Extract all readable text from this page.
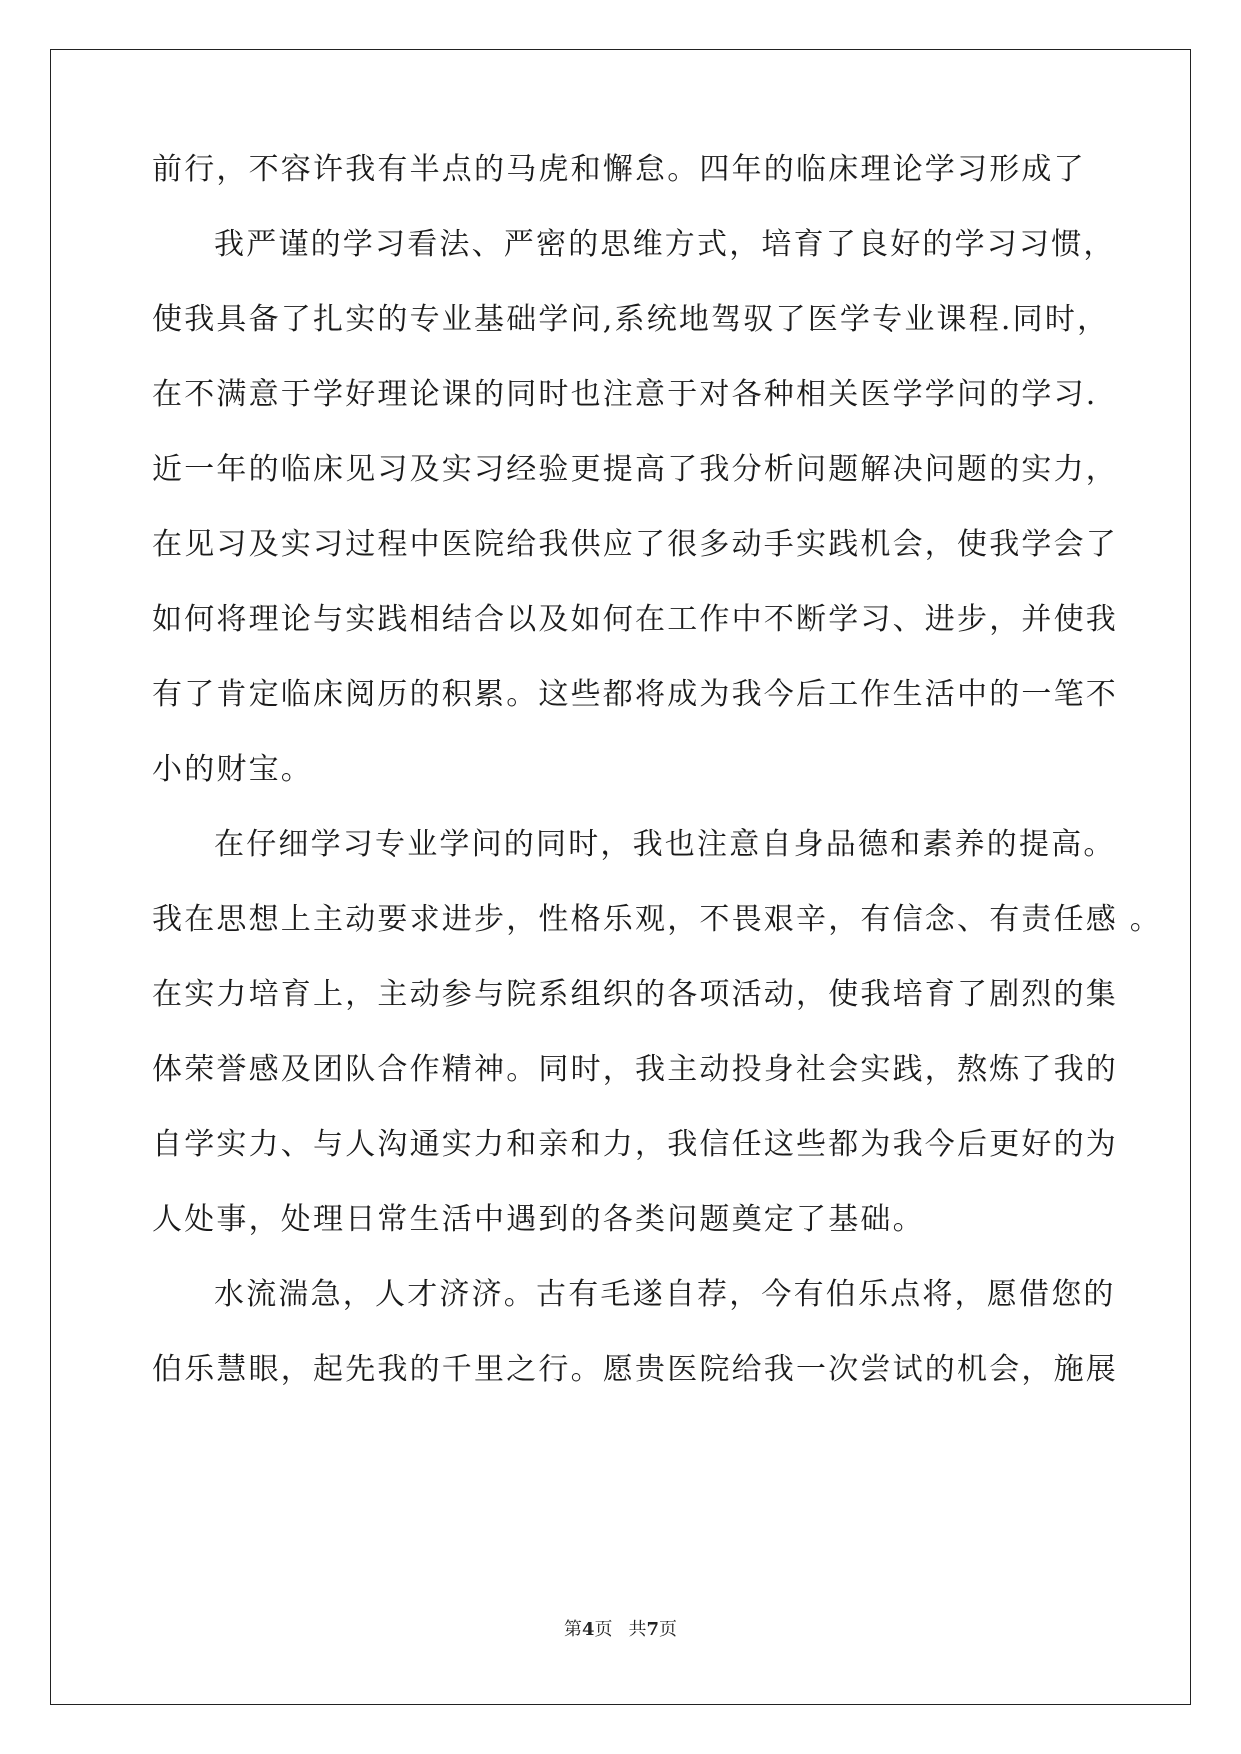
前行，不容许我有半点的马虎和懈怠。四年的临床理论学习形成了
我严谨的学习看法、严密的思维方式，培育了良好的学习习惯，
使我具备了扎实的专业基础学问,系统地驾驭了医学专业课程.同时，
在不满意于学好理论课的同时也注意于对各种相关医学学问的学习.
近一年的临床见习及实习经验更提高了我分析问题解决问题的实力，
在见习及实习过程中医院给我供应了很多动手实践机会，使我学会了
如何将理论与实践相结合以及如何在工作中不断学习、进步，并使我
有了肯定临床阅历的积累。这些都将成为我今后工作生活中的一笔不
小的财宝。
在仔细学习专业学问的同时，我也注意自身品德和素养的提高。
我在思想上主动要求进步，性格乐观，不畏艰辛，有信念、有责任感 。
在实力培育上，主动参与院系组织的各项活动，使我培育了剧烈的集
体荣誉感及团队合作精神。同时，我主动投身社会实践，熬炼了我的
自学实力、与人沟通实力和亲和力，我信任这些都为我今后更好的为
人处事，处理日常生活中遇到的各类问题奠定了基础。
水流湍急，人才济济。古有毛遂自荐，今有伯乐点将，愿借您的
伯乐慧眼，起先我的千里之行。愿贵医院给我一次尝试的机会，施展
第4页 共7页
